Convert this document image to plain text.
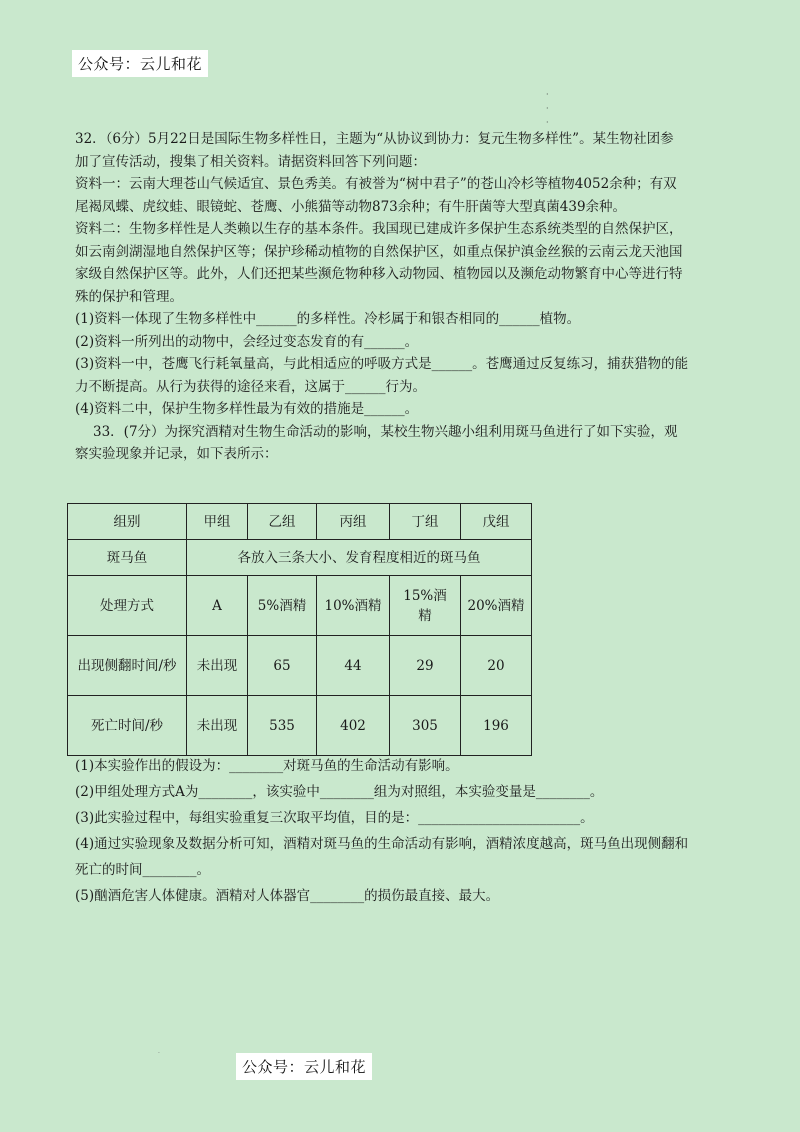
公众号：云儿和花
·
·
·

32．（6分）5月22日是国际生物多样性日，主题为“从协议到协力：复元生物多样性”。某生物社团参

加了宣传活动，搜集了相关资料。请据资料回答下列问题：

资料一：云南大理苍山气候适宜、景色秀美。有被誉为“树中君子”的苍山冷杉等植物4052余种；有双

尾褐凤蝶、虎纹蛙、眼镜蛇、苍鹰、小熊猫等动物873余种；有牛肝菌等大型真菌439余种。

资料二：生物多样性是人类赖以生存的基本条件。我国现已建成许多保护生态系统类型的自然保护区，

如云南剑湖湿地自然保护区等；保护珍稀动植物的自然保护区，如重点保护滇金丝猴的云南云龙天池国

家级自然保护区等。此外，人们还把某些濒危物种移入动物园、植物园以及濒危动物繁育中心等进行特

殊的保护和管理。

(1)资料一体现了生物多样性中______的多样性。冷杉属于和银杏相同的______植物。

(2)资料一所列出的动物中，会经过变态发育的有______。

(3)资料一中，苍鹰飞行耗氧量高，与此相适应的呼吸方式是______。苍鹰通过反复练习，捕获猎物的能

力不断提高。从行为获得的途径来看，这属于______行为。

(4)资料二中，保护生物多样性最为有效的措施是______。

33．(7分）为探究酒精对生物生命活动的影响，某校生物兴趣小组利用斑马鱼进行了如下实验，观

察实验现象并记录，如下表所示：

组别	甲组	乙组	丙组	丁组	戊组
斑马鱼	各放入三条大小、发育程度相近的斑马鱼				
处理方式	A	5%酒精	10%酒精	15%酒精	20%酒精
出现侧翻时间/秒	未出现	65	44	29	20
死亡时间/秒	未出现	535	402	305	196

(1)本实验作出的假设为：________对斑马鱼的生命活动有影响。

(2)甲组处理方式A为________，该实验中________组为对照组，本实验变量是________。

(3)此实验过程中，每组实验重复三次取平均值，目的是：________________________。

(4)通过实验现象及数据分析可知，酒精对斑马鱼的生命活动有影响，酒精浓度越高，斑马鱼出现侧翻和

死亡的时间________。

(5)酗酒危害人体健康。酒精对人体器官________的损伤最直接、最大。

·
公众号：云儿和花
